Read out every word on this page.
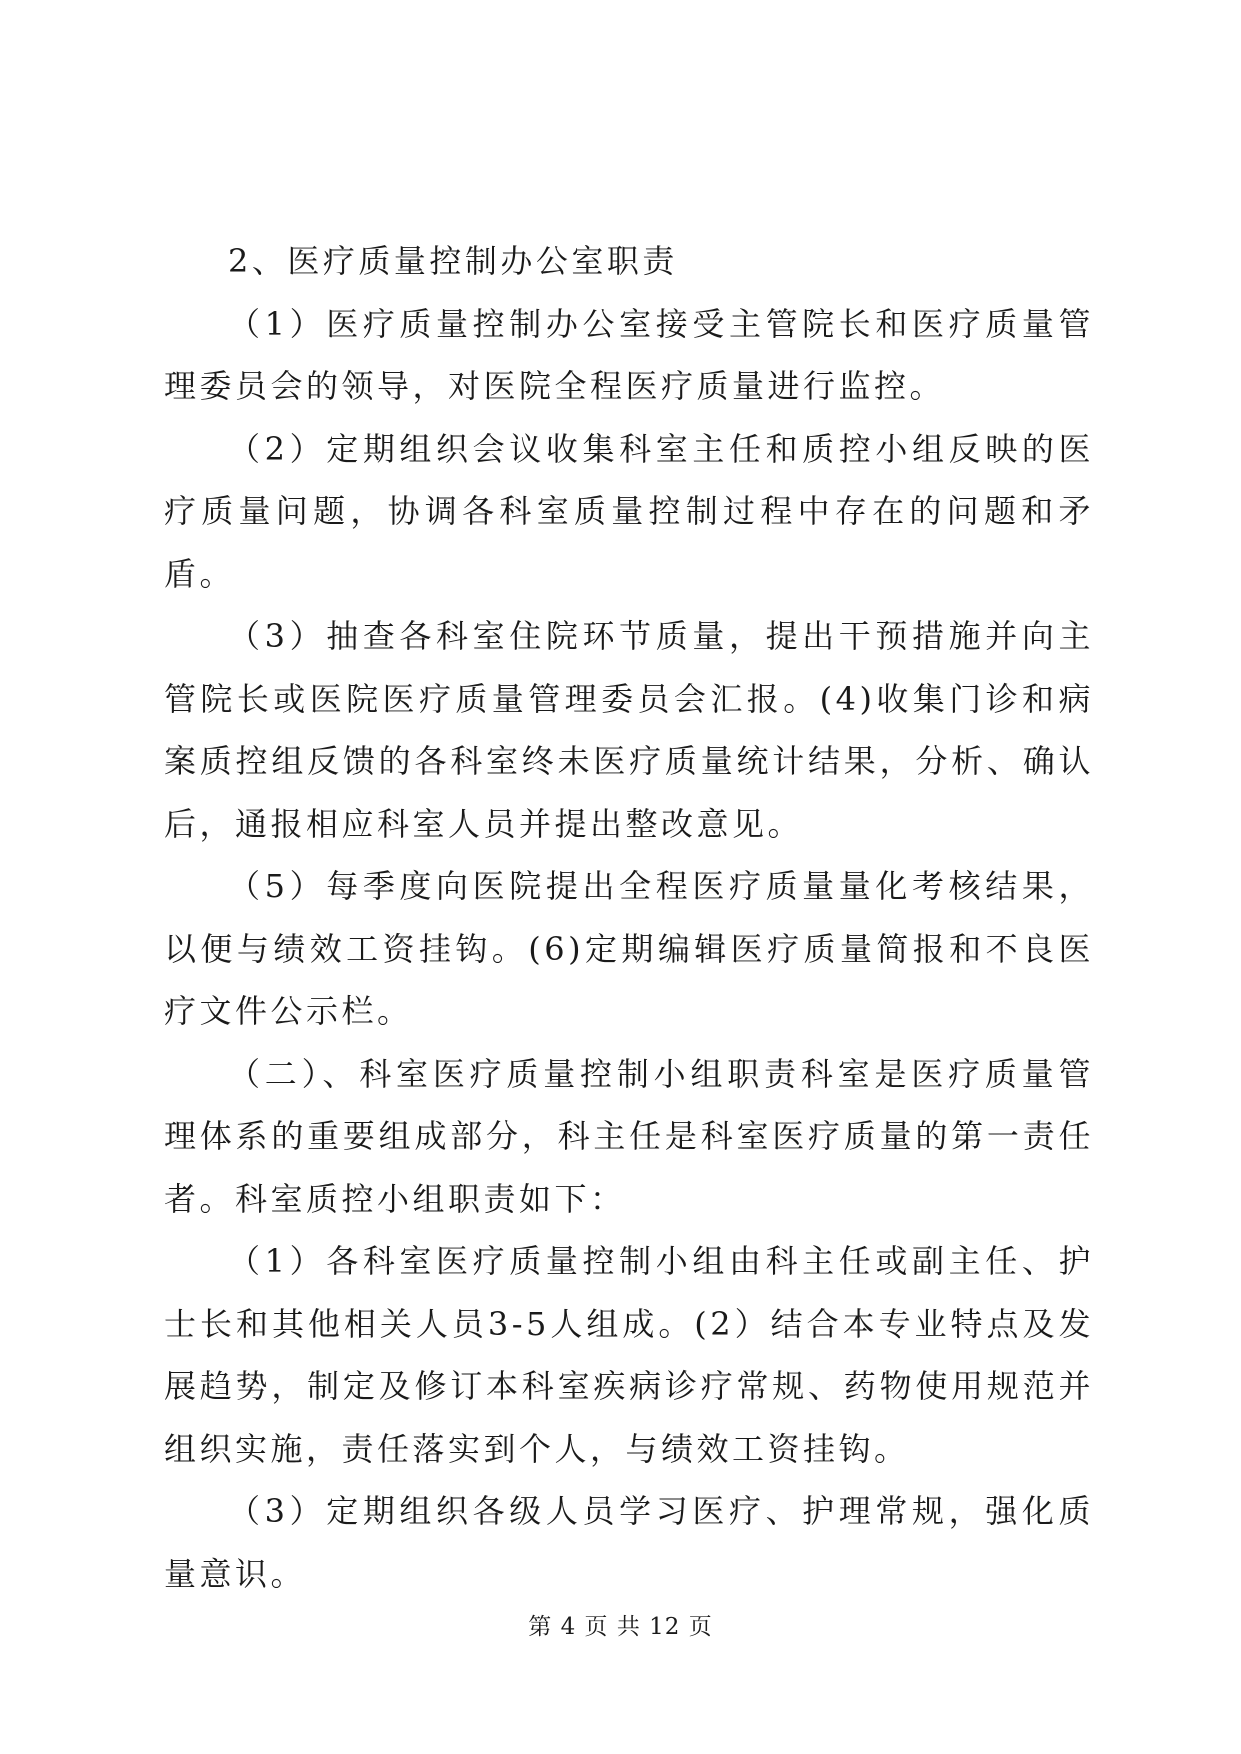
2、医疗质量控制办公室职责

（1）医疗质量控制办公室接受主管院长和医疗质量管理委员会的领导，对医院全程医疗质量进行监控。

（2）定期组织会议收集科室主任和质控小组反映的医疗质量问题，协调各科室质量控制过程中存在的问题和矛盾。

（3）抽查各科室住院环节质量，提出干预措施并向主管院长或医院医疗质量管理委员会汇报。(4)收集门诊和病案质控组反馈的各科室终未医疗质量统计结果，分析、确认后，通报相应科室人员并提出整改意见。

（5）每季度向医院提出全程医疗质量量化考核结果，以便与绩效工资挂钩。(6)定期编辑医疗质量简报和不良医疗文件公示栏。

（二）、科室医疗质量控制小组职责科室是医疗质量管理体系的重要组成部分，科主任是科室医疗质量的第一责任者。科室质控小组职责如下：

（1）各科室医疗质量控制小组由科主任或副主任、护士长和其他相关人员3-5人组成。(2）结合本专业特点及发展趋势，制定及修订本科室疾病诊疗常规、药物使用规范并组织实施，责任落实到个人，与绩效工资挂钩。

（3）定期组织各级人员学习医疗、护理常规，强化质量意识。

第 4 页 共 12 页
